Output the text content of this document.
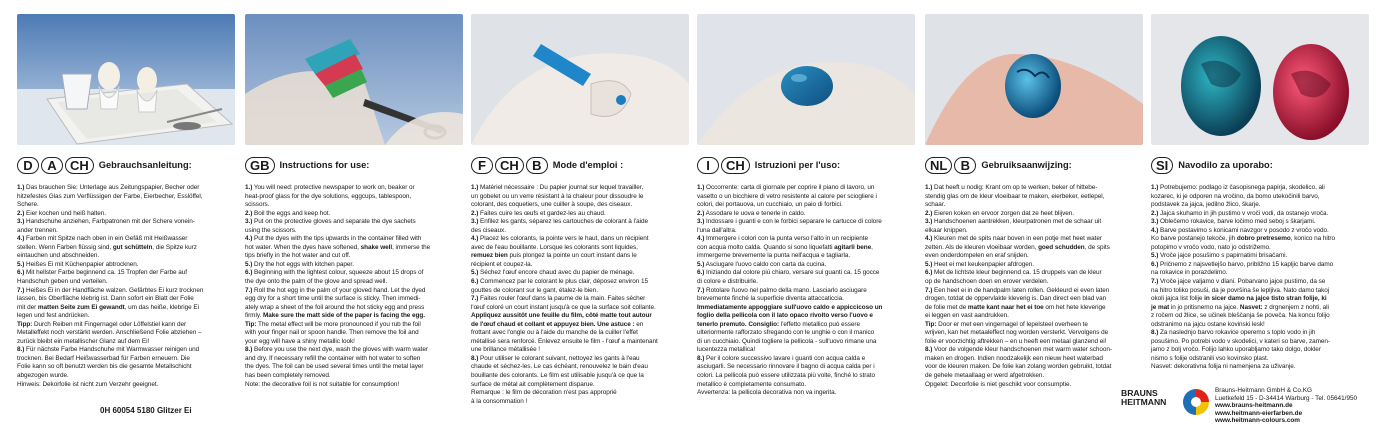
D	A	CH	Gebrauchsanleitung:

1.) Das brauchen Sie: Unterlage aus Zeitungspapier, Becher oder

hitzefestes Glas zum Verflüssigen der Farbe, Eierbecher, Esslöffel,

Schere.

2.) Eier kochen und heiß halten.

3.) Handschuhe anziehen, Farbpatronen mit der Schere vonein-

ander trennen.

4.) Farben mit Spitze nach oben in ein Gefäß mit Heißwasser

stellen. Wenn Farben flüssig sind, gut schütteln, die Spitze kurz

eintauchen und abschneiden.

5.) Heißes Ei mit Küchenpapier abtrocknen.

6.) Mit hellster Farbe beginnend ca. 15 Tropfen der Farbe auf

Handschuh geben und verteilen.

7.) Heißes Ei in der Handfläche walzen. Gefärbtes Ei kurz trocknen

lassen, bis Oberfläche klebrig ist. Dann sofort ein Blatt der Folie

mit der matten Seite zum Ei gewandt, um das heiße, klebrige Ei

legen und fest andrücken.

Tipp: Durch Reiben mit Fingernagel oder Löffelstiel kann der

Metalleffekt noch verstärkt werden. Anschließend Folie abziehen –

zurück bleibt ein metallischer Glanz auf dem Ei!

8.) Für nächste Farbe Handschuhe mit Warmwasser reinigen und

trocknen. Bei Bedarf Heißwasserbad für Farben erneuern. Die

Folie kann so oft benutzt werden bis die gesamte Metallschicht

abgezogen wurde.

Hinweis: Dekorfolie ist nicht zum Verzehr geeignet.

GB	Instructions for use:

1.) You will need: protective newspaper to work on, beaker or

heat-proof glass for the dye solutions, eggcups, tablespoon,

scissors.

2.) Boil the eggs and keep hot.

3.) Put on the protective gloves and separate the dye sachets

using the scissors.

4.) Put the dyes with the tips upwards in the container filled with

hot water. When the dyes have softened, shake well, immerse the

tips briefly in the hot water and cut off.

5.) Dry the hot eggs with kitchen paper.

6.) Beginning with the lightest colour, squeeze about 15 drops of

the dye onto the palm of the glove and spread well.

7.) Roll the hot egg in the palm of your gloved hand. Let the dyed

egg dry for a short time until the surface is sticky. Then immedi-

ately wrap a sheet of the foil around the hot sticky egg and press

firmly. Make sure the matt side of the paper is facing the egg.

Tip: The metal effect will be more pronounced if you rub the foil

with your finger nail or spoon handle. Then remove the foil and

your egg will have a shiny metallic look!

8.) Before you use the next dye, wash the gloves with warm water

and dry. If necessary refill the container with hot water to soften

the dyes. The foil can be used several times until the metal layer

has been completely removed.

Note: the decorative foil is not suitable for consumption!

F	CH	B	Mode d'emploi :

1.) Matériel nécessaire : Du papier journal sur lequel travailler,

un gobelet ou un verre résistant à la chaleur pour dissoudre le

colorant, des coquetiers, une cuiller à soupe, des ciseaux.

2.) Faites cuire les œufs et gardez-les au chaud.

3.) Enfilez les gants, séparez les cartouches de colorant à l'aide

des ciseaux.

4.) Placez les colorants, la pointe vers le haut, dans un récipient

avec de l'eau bouillante. Lorsque les colorants sont liquides,

remuez bien puis plongez la pointe un court instant dans le

récipient et coupez-la.

5.) Séchez l'œuf encore chaud avec du papier de ménage.

6.) Commencez par le colorant le plus clair, déposez environ 15

gouttes de colorant sur le gant, étalez-le bien.

7.) Faites rouler l'œuf dans la paume de la main. Faites sécher

l'œuf coloré un court instant jusqu'à ce que la surface soit collante.

Appliquez aussitôt une feuille du film, côté matte tout autour

de l'œuf chaud et collant et appuyez bien. Une astuce : en

frottant avec l'ongle ou à l'aide du manche de la cuiller l'effet

métallisé sera renforcé. Enlevez ensuite le film - l'œuf a maintenant

une brillance métallisée !

8.) Pour utiliser le colorant suivant, nettoyez les gants à l'eau

chaude et séchez-les. Le cas échéant, renouvelez le bain d'eau

bouillante des colorants. Le film est utilisable jusqu'à ce que la

surface de métal ait complètement disparue.

Remarque : le film de décoration n'est pas approprié

à la consommation !

I	CH	Istruzioni per l'uso:

1.) Occorrente: carta di giornale per coprire il piano di lavoro, un

vasetto o un bicchiere di vetro resistente al calore per sciogliere i

colori, dei portauova, un cucchiaio, un paio di forbici.

2.) Assodare le uova e tenerle in caldo.

3.) Indossare i guanti e con le forbici separare le cartucce di colore

l'una dall'altra.

4.) Immergere i colori con la punta verso l'alto in un recipiente

con acqua molto calda. Quando si sono liquefatti agitarli bene,

immergerne brevemente la punta nell'acqua e tagliarla.

5.) Asciugare l'uovo caldo con carta da cucina.

6.) Iniziando dal colore più chiaro, versare sui guanti ca. 15 gocce

di colore e distribuirle.

7.) Rotolare l'uovo nel palmo della mano. Lasciarlo asciugare

brevemente finché la superficie diventa attaccaticcia.

Immediatamente appoggiare sull'uovo caldo e appiccicoso un

foglio della pellicola con il lato opaco rivolto verso l'uovo e

tenerlo premuto. Consiglio: l'effetto metallico può essere

ulteriormente rafforzato sfregando con le unghie o con il manico

di un cucchiaio. Quindi togliere la pellicola - sull'uovo rimane una

lucentezza metallica!

8.) Per il colore successivo lavare i guanti con acqua calda e

asciugarli. Se necessario rinnovare il bagno di acqua calda per i

colori. La pellicola può essere utilizzata più volte, finché lo strato

metallico è completamente consumato.

Avvertenza: la pellicola decorativa non va ingerita.

NL	B	Gebruiksaanwijzing:

1.) Dat heeft u nodig: Krant om op te werken, beker of hittebe-

stendig glas om de kleur vloeibaar te maken, eierbeker, eetlepel,

schaar.

2.) Eieren koken en ervoor zorgen dat ze heet blijven.

3.) Handschoenen aantrekken, kleurpatronen met de schaar uit

elkaar knippen.

4.) Kleuren met de spits naar boven in een potje met heet water

zetten. Als de kleuren vloeibaar worden, goed schudden, de spits

even onderdompelen en eraf snijden.

5.) Heet ei met keukenpapier afdrogen.

6.) Met de lichtste kleur beginnend ca. 15 druppels van de kleur

op de handschoen doen en erover verdelen.

7.) Een heet ei in de handpalm laten rollen. Gekleurd ei even laten

drogen, totdat de oppervlakte kleverig is. Dan direct een blad van

de folie met de matte kant naar het ei toe om het hete kleverige

ei leggen en vast aandrukken.

Tip: Door er met een vingernagel of lepelsteel overheen te

wrijven, kan het metaaleffect nog worden versterkt. Vervolgens de

folie er voorzichtig aftrekken – en u heeft een metaal glanzend ei!

8.) Voor de volgende kleur handschoenen met warm water schoon-

maken en drogen. Indien noodzakelijk een nieuw heet waterbad

voor de kleuren maken. De folie kan zolang worden gebruikt, totdat

de gehele metaallaag er werd afgetrokken.

Opgelet: Decorfolie is niet geschikt voor consumptie.

SI	Navodilo za uporabo:

1.) Potrebujemo: podlago iz časopisnega papirja, skodelico, ali

kozarec, ki je odporen na vročino, da bomo utekočinili barvo,

podstavek za jajca, jedilno žlico, škarje.

2.) Jajca skuhamo in jih pustimo v vroči vodi, da ostanejo vroča.

3.) Oblečemo rokavice, barve ločimo med seboj s škarjami.

4.) Barve postavimo s konicami navzgor v posodo z vročo vodo.

Ko barve postanejo tekoče, jih dobro pretresemo, konico na hitro

potopimo v vročo vodo, nato jo odstrižemo.

5.) Vroče jajce posušimo s papirnatimi brisačami.

6.) Pričnemo z najsvetlejšo barvo, približno 15 kapljic barve damo

na rokavice in porazdelimo.

7.) Vroče jajce valjamo v dlani. Pobarvano jajce pustimo, da se

na hitro toliko posuši, da je površina še lepljiva. Nato damo takoj

okoli jajca list folije in sicer damo na jajce tisto stran folije, ki

je mat in jo pritisnemo na jajce. Nasvet: z drgnenjem z nohti, ali

z ročem od žlice, se učinek bleščanja še poveča. Na koncu folijo

odstranimo na jajcu ostane kovinski lesk!

8.) Za naslednjo barvo rokavice operemo s toplo vodo in jih

posušimo. Po potrebi vodo v skodelici, v kateri so barve, zamen-

jamo z bolj vročo. Folijo lahko uporabljamo tako dolgo, dokler

nismo s folije odstranili vso kovinsko plast.

Nasvet: dekorativna folija ni namenjena za uživanje.

0H 60054 5180 Glitzer Ei
BRAUNS
HEITMANN
Brauns-Heitmann GmbH & Co.KG
Luetkefeld 15 - D-34414 Warburg - Tel. 05641/950
www.brauns-heitmann.de
www.heitmann-eierfarben.de
www.heitmann-colours.com
